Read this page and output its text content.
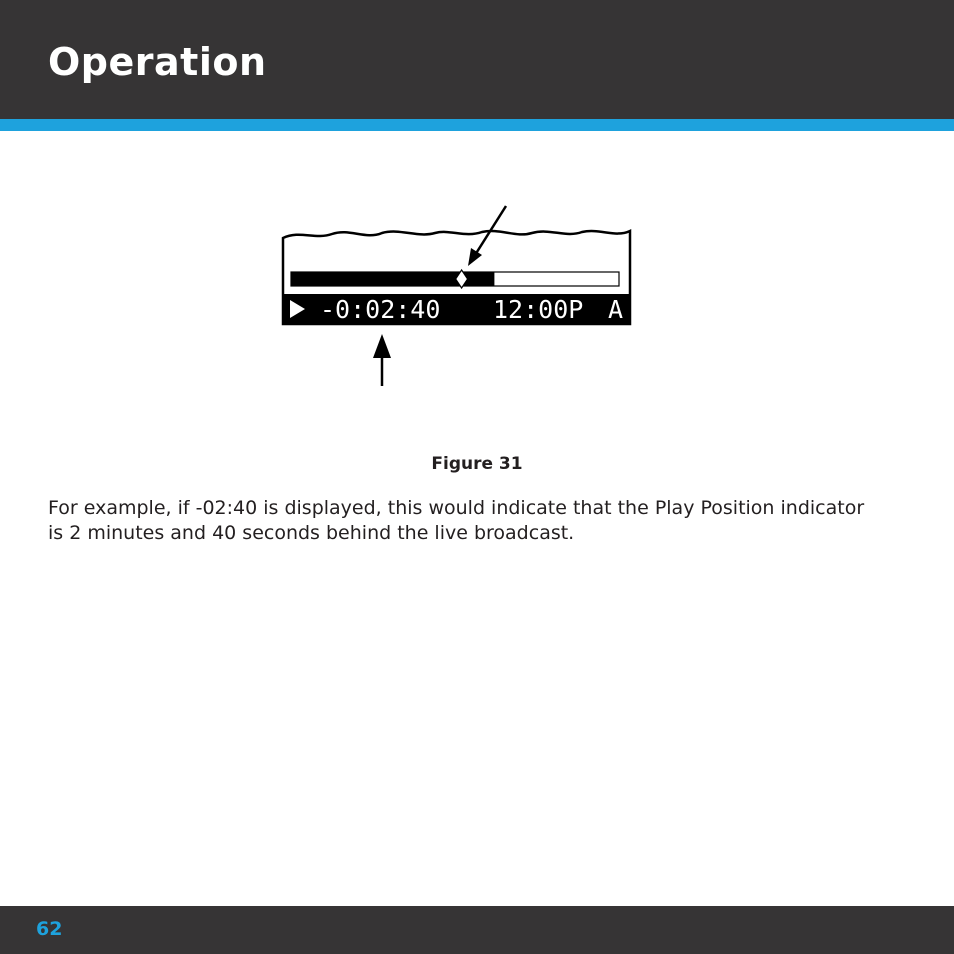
Operation
-0:02:40 12:00P A
Figure 31

For example, if -02:40 is displayed, this would indicate that the Play Position indicator is 2 minutes and 40 seconds behind the live broadcast.

62
